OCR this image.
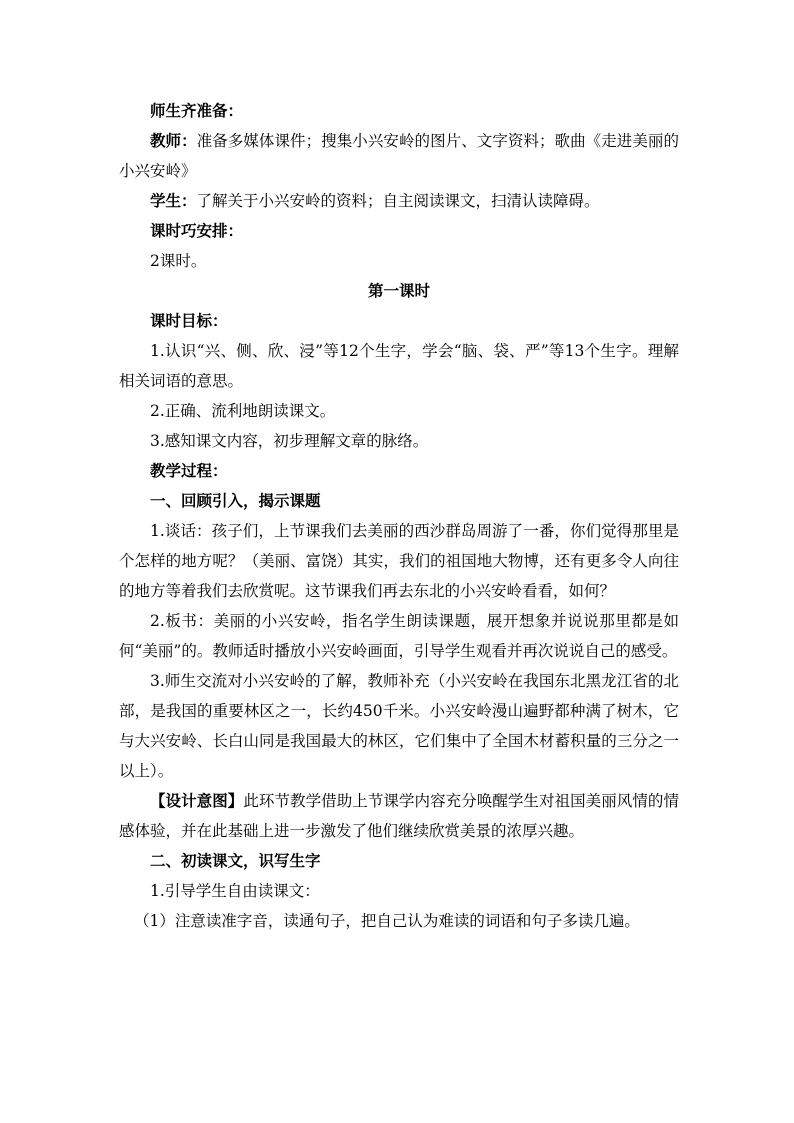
师生齐准备：

教师：准备多媒体课件；搜集小兴安岭的图片、文字资料；歌曲《走进美丽的小兴安岭》

学生：了解关于小兴安岭的资料；自主阅读课文，扫清认读障碍。

课时巧安排：

2课时。

第一课时

课时目标：

1.认识“兴、侧、欣、浸”等12个生字，学会“脑、袋、严”等13个生字。理解相关词语的意思。

2.正确、流利地朗读课文。

3.感知课文内容，初步理解文章的脉络。

教学过程：

一、回顾引入，揭示课题

1.谈话：孩子们，上节课我们去美丽的西沙群岛周游了一番，你们觉得那里是个怎样的地方呢？（美丽、富饶）其实，我们的祖国地大物博，还有更多令人向往的地方等着我们去欣赏呢。这节课我们再去东北的小兴安岭看看，如何？

2.板书：美丽的小兴安岭，指名学生朗读课题，展开想象并说说那里都是如何“美丽”的。教师适时播放小兴安岭画面，引导学生观看并再次说说自己的感受。

3.师生交流对小兴安岭的了解，教师补充（小兴安岭在我国东北黑龙江省的北部，是我国的重要林区之一，长约450千米。小兴安岭漫山遍野都种满了树木，它与大兴安岭、长白山同是我国最大的林区，它们集中了全国木材蓄积量的三分之一以上）。

【设计意图】此环节教学借助上节课学内容充分唤醒学生对祖国美丽风情的情感体验，并在此基础上进一步激发了他们继续欣赏美景的浓厚兴趣。

二、初读课文，识写生字

1.引导学生自由读课文：

（1）注意读准字音，读通句子，把自己认为难读的词语和句子多读几遍。
